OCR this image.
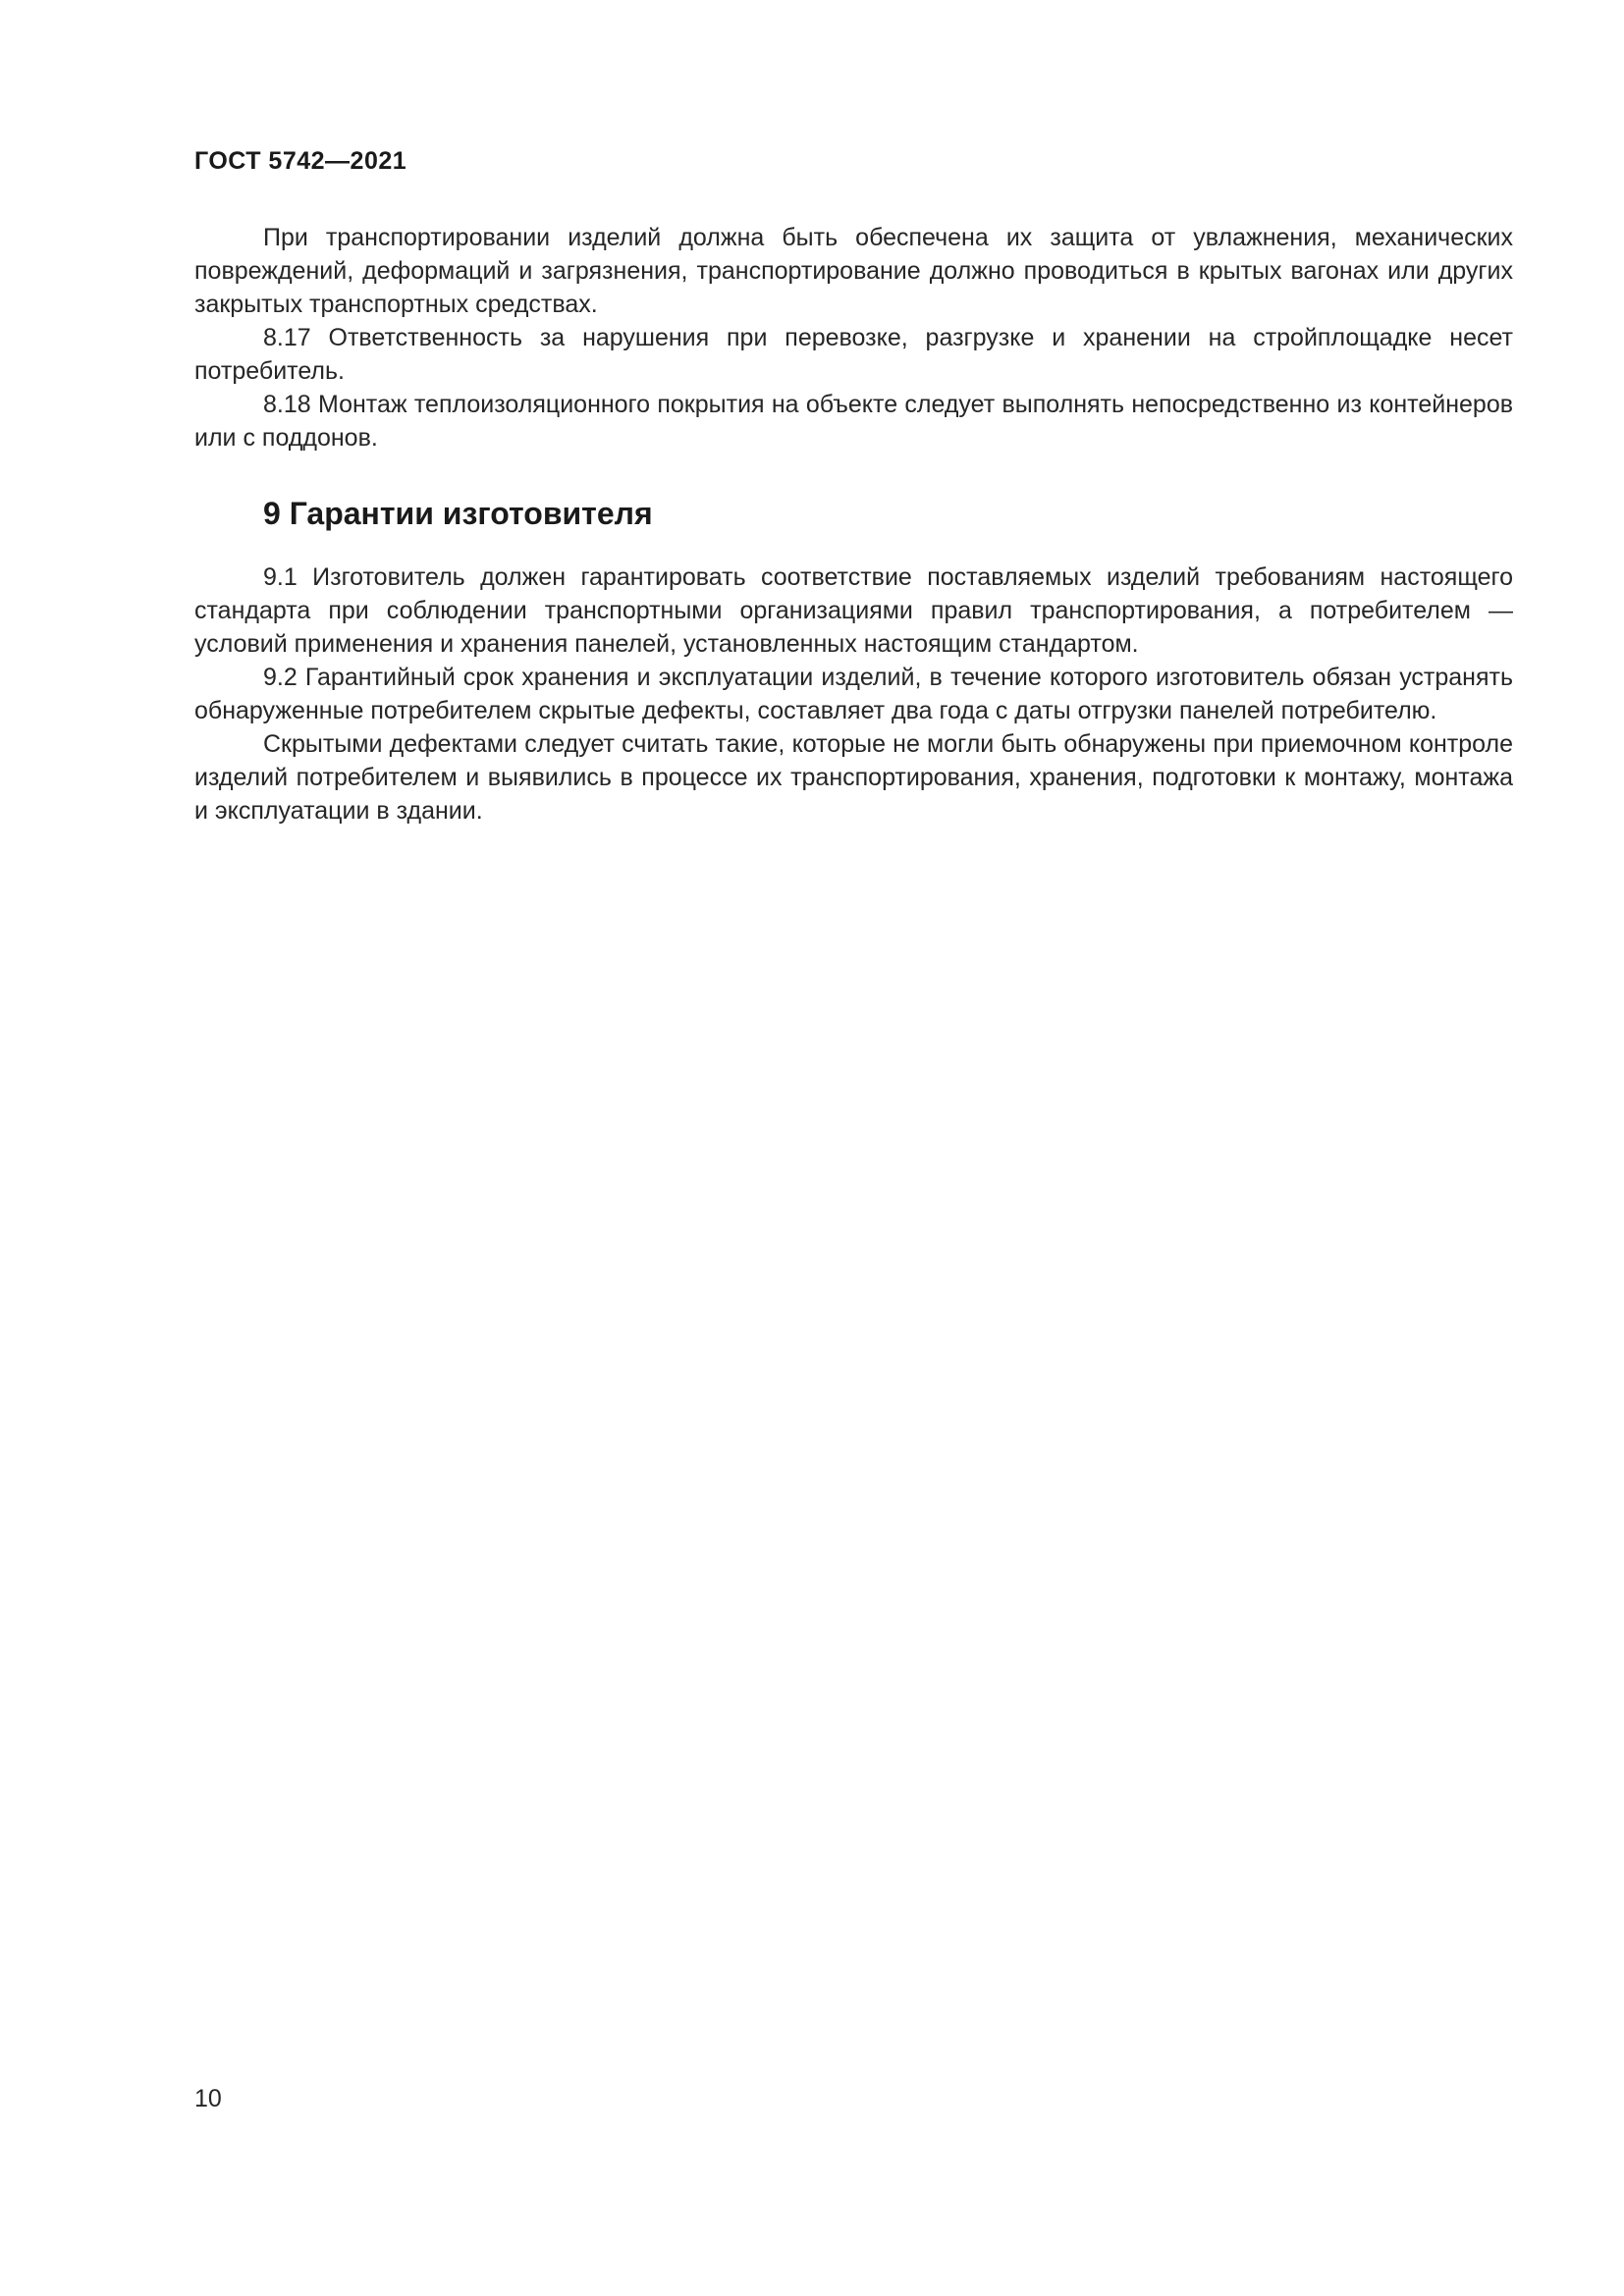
ГОСТ 5742—2021

При транспортировании изделий должна быть обеспечена их защита от увлажнения, механических повреждений, деформаций и загрязнения, транспортирование должно проводиться в крытых вагонах или других закрытых транспортных средствах.

8.17 Ответственность за нарушения при перевозке, разгрузке и хранении на стройплощадке несет потребитель.

8.18 Монтаж теплоизоляционного покрытия на объекте следует выполнять непосредственно из контейнеров или с поддонов.

9 Гарантии изготовителя

9.1 Изготовитель должен гарантировать соответствие поставляемых изделий требованиям настоящего стандарта при соблюдении транспортными организациями правил транспортирования, а потребителем — условий применения и хранения панелей, установленных настоящим стандартом.

9.2 Гарантийный срок хранения и эксплуатации изделий, в течение которого изготовитель обязан устранять обнаруженные потребителем скрытые дефекты, составляет два года с даты отгрузки панелей потребителю.

Скрытыми дефектами следует считать такие, которые не могли быть обнаружены при приемочном контроле изделий потребителем и выявились в процессе их транспортирования, хранения, подготовки к монтажу, монтажа и эксплуатации в здании.

10
